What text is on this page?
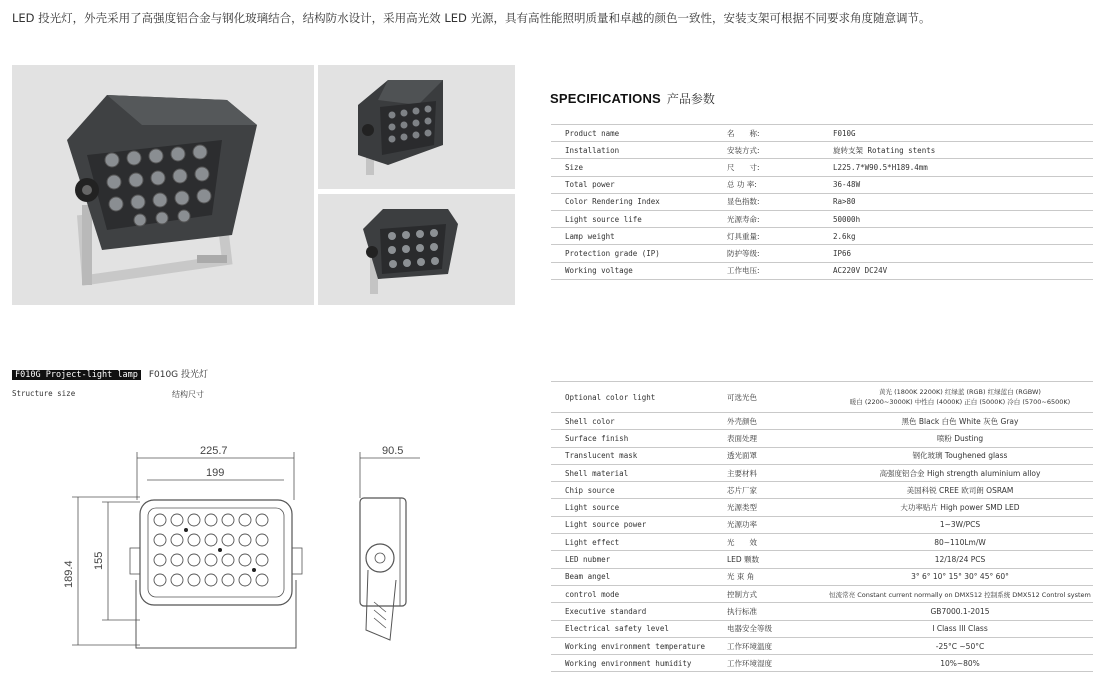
LED 投光灯，外壳采用了高强度铝合金与钢化玻璃结合，结构防水设计，采用高光效 LED 光源，具有高性能照明质量和卓越的颜色一致性，安装支架可根据不同要求角度随意调节。
SPECIFICATIONS 产品参数
Product name	名　　称:	F010G
Installation	安装方式:	旋转支架 Rotating stents
Size	尺　　寸:	L225.7*W90.5*H189.4mm
Total power	总 功 率:	36-48W
Color Rendering Index	显色指数:	Ra>80
Light source life	光源寿命:	50000h
Lamp weight	灯具重量:	2.6kg
Protection grade (IP)	防护等级:	IP66
Working voltage	工作电压:	AC220V DC24V
F010G Project-light lamp F010G 投光灯
Structure size	结构尺寸
225.7
199
90.5
189.4 155
Optional color light	可选光色	黄光 (1800K 2200K) 红绿蓝 (RGB) 红绿蓝白 (RGBW)
暖白 (2200~3000K) 中性白 (4000K) 正白 (5000K) 冷白 (5700~6500K)

Shell color	外壳颜色	黑色 Black 白色 White 灰色 Gray
Surface finish	表面处理	喷粉 Dusting
Translucent mask	透光面罩	钢化玻璃 Toughened glass
Shell material	主要材料	高强度铝合金 High strength aluminium alloy
Chip source	芯片厂家	美国科锐 CREE 欧司朗 OSRAM
Light source	光源类型	大功率贴片 High power SMD LED
Light source power	光源功率	1~3W/PCS
Light effect	光　　效	80~110Lm/W
LED nubmer	LED 颗数	12/18/24 PCS
Beam angel	光 束 角	3° 6° 10° 15° 30° 45° 60°
control mode	控制方式	恒流常亮 Constant current normally on DMX512 控制系统 DMX512 Control system
Executive standard	执行标准	GB7000.1-2015
Electrical safety level	电器安全等级	I Class III Class
Working environment temperature	工作环境温度	-25°C ~50°C
Working environment humidity	工作环境湿度	10%~80%
